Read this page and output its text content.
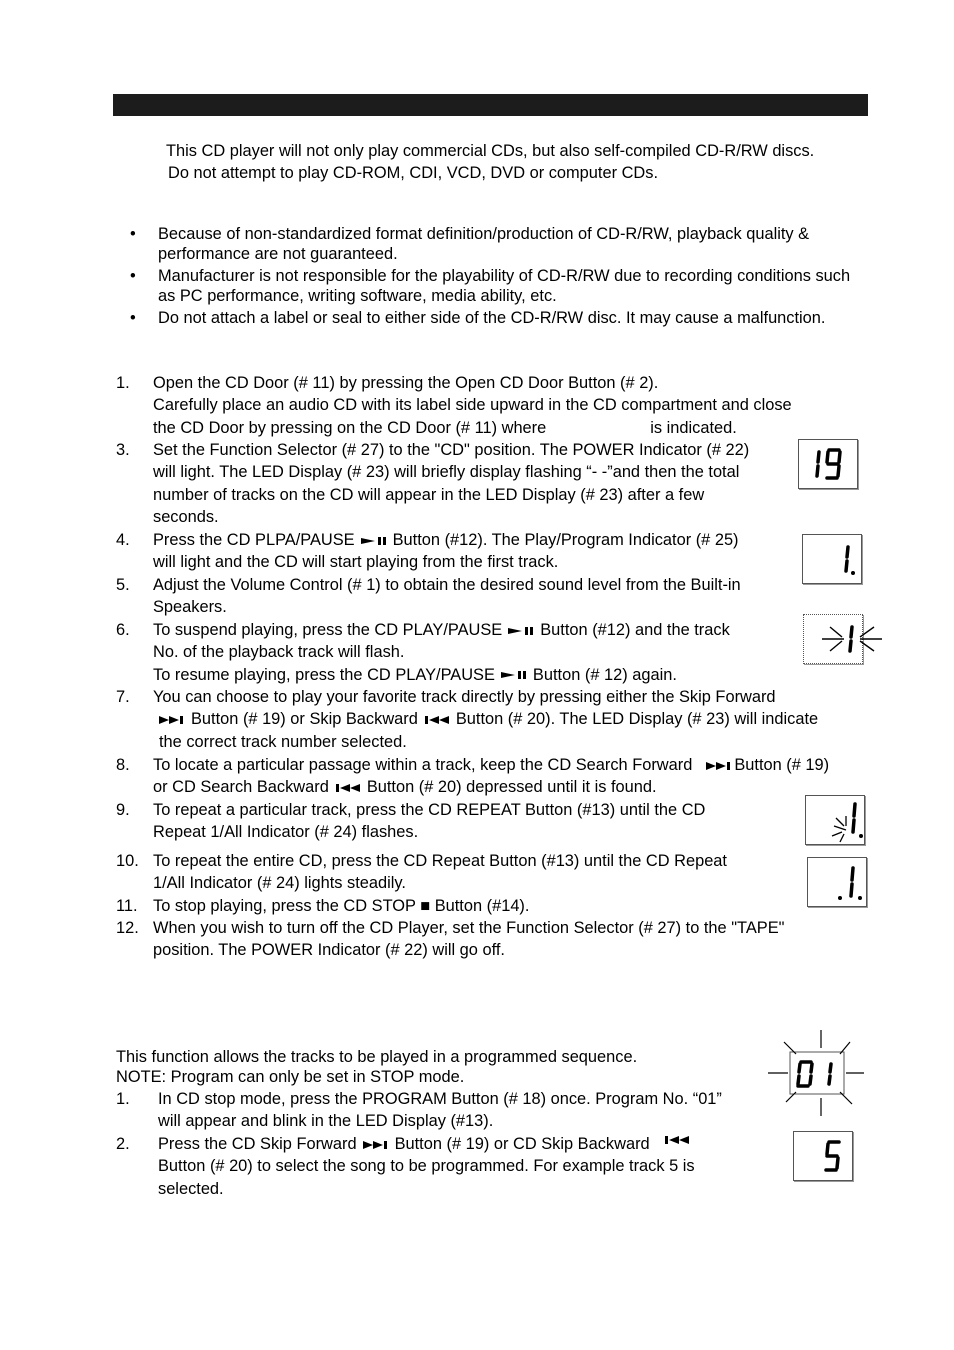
This CD player will not only play commercial CDs, but also self-compiled CD-R/RW discs.

Do not attempt to play CD-ROM, CDI, VCD, DVD or computer CDs.

• Because of non-standardized format definition/production of CD-R/RW, playback quality & performance are not guaranteed.
• Manufacturer is not responsible for the playability of CD-R/RW due to recording conditions such as PC performance, writing software, media ability, etc.
• Do not attach a label or seal to either side of the CD-R/RW disc. It may cause a malfunction.
1. Open the CD Door (# 11) by pressing the Open CD Door Button (# 2).

Carefully place an audio CD with its label side upward in the CD compartment and close

the CD Door by pressing on the CD Door (# 11) where	is indicated.

3. Set the Function Selector (# 27) to the "CD" position. The POWER Indicator (# 22)

will light. The LED Display (# 23) will briefly display flashing “- -”and then the total

number of tracks on the CD will appear in the LED Display (# 23) after a few

seconds.

4. Press the CD PLPA/PAUSE Button (#12). The Play/Program Indicator (# 25)

will light and the CD will start playing from the first track.

5. Adjust the Volume Control (# 1) to obtain the desired sound level from the Built-in

Speakers.

6. To suspend playing, press the CD PLAY/PAUSE Button (#12) and the track

No. of the playback track will flash.

To resume playing, press the CD PLAY/PAUSE Button (# 12) again.

7. You can choose to play your favorite track directly by pressing either the Skip Forward

Button (# 19) or Skip Backward Button (# 20). The LED Display (# 23) will indicate

the correct track number selected.

8. To locate a particular passage within a track, keep the CD Search Forward	Button (# 19)

or CD Search Backward Button (# 20) depressed until it is found.

9. To repeat a particular track, press the CD REPEAT Button (#13) until the CD

Repeat 1/All Indicator (# 24) flashes.

10. To repeat the entire CD, press the CD Repeat Button (#13) until the CD Repeat

1/All Indicator (# 24) lights steadily.

11. To stop playing, press the CD STOP ■ Button (#14).

12. When you wish to turn off the CD Player, set the Function Selector (# 27) to the "TAPE"

position. The POWER Indicator (# 22) will go off.

This function allows the tracks to be played in a programmed sequence.

NOTE: Program can only be set in STOP mode.

1. In CD stop mode, press the PROGRAM Button (# 18) once. Program No. “01”

will appear and blink in the LED Display (#13).

2. Press the CD Skip Forward Button (# 19) or CD Skip Backward

Button (# 20) to select the song to be programmed. For example track 5 is

selected.
